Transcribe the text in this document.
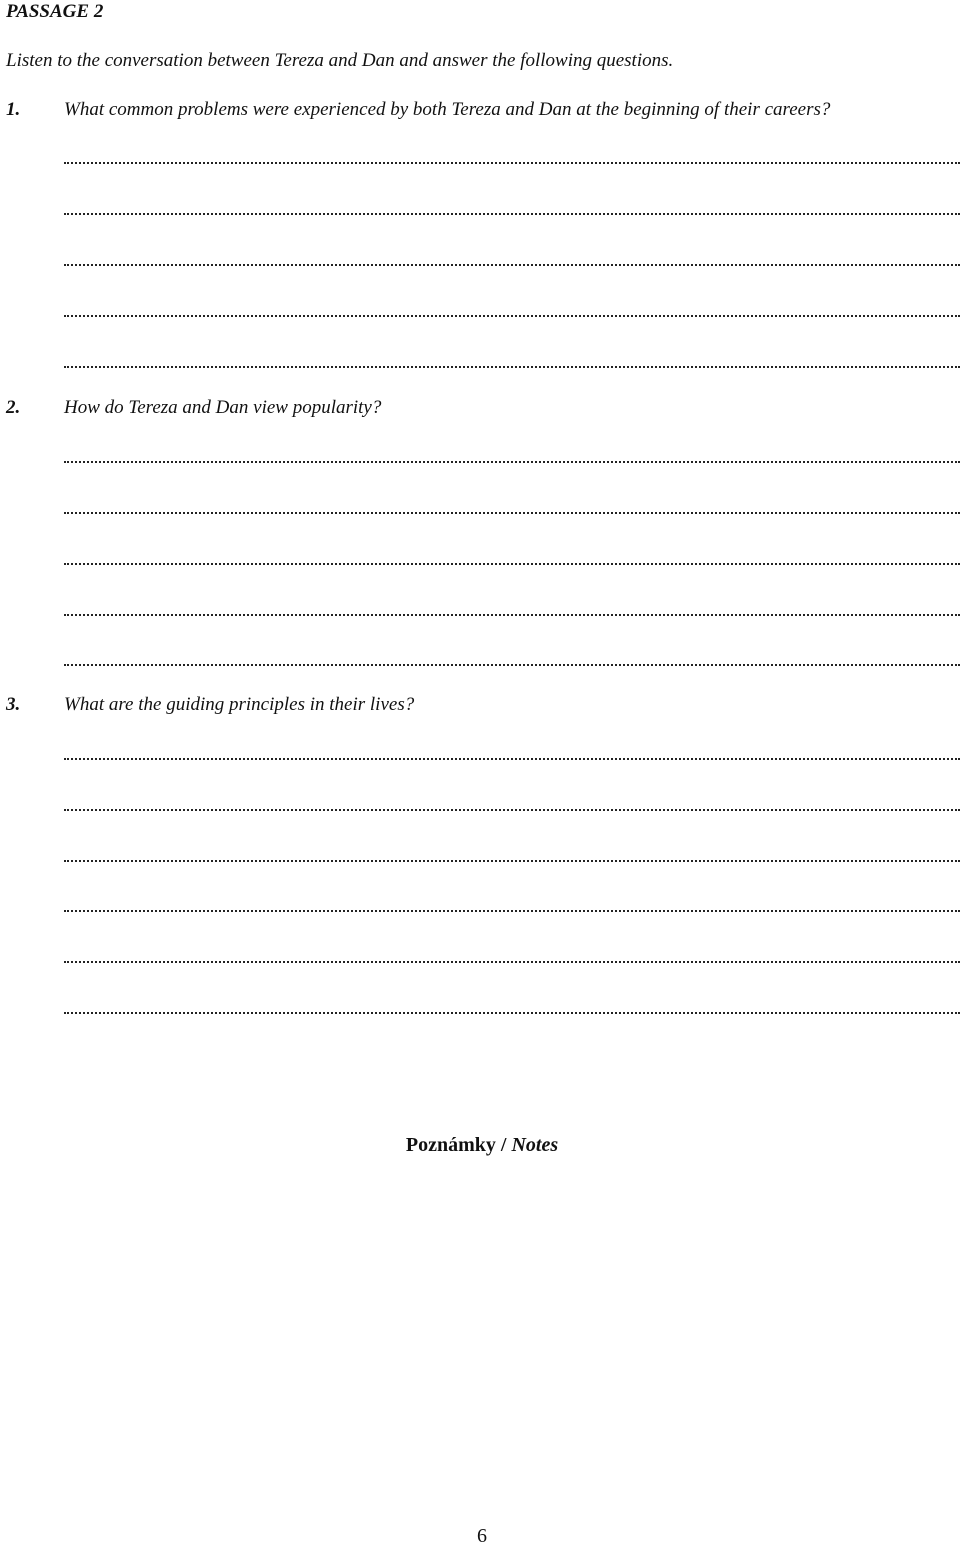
PASSAGE 2

Listen to the conversation between Tereza and Dan and answer the following questions.

1. What common problems were experienced by both Tereza and Dan at the beginning of their careers?
2. How do Tereza and Dan view popularity?
3. What are the guiding principles in their lives?
Poznámky / Notes
6
